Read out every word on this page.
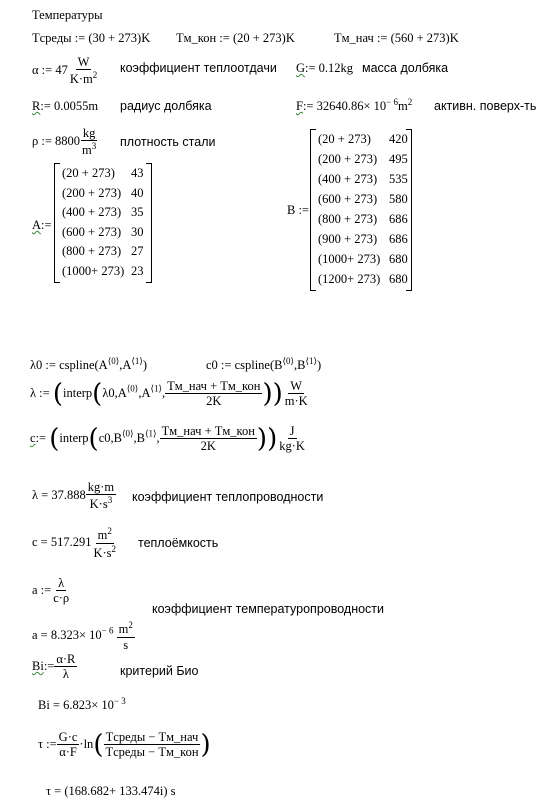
Температуры
Tсреды := (30 + 273)K Tм_кон := (20 + 273)K	Tм_нач := (560 + 273)K
α := $47 \frac{W}{K\cdot m^2}$ коэффициент теплоотдачи G:= 0.12kg масса долбяка
R:= 0.0055m радиус долбяка	F:= $32640.86\times 10^{- 6}m^2$ активн. поверх-ть
ρ := $8800 \frac{kg}{m^3}$ плотность стали
A:=
(20 + 273) 43
(200 + 273) 40
(400 + 273) 35
(600 + 273) 30
(800 + 273) 27
(1000+ 273) 23
B :=
(20 + 273) 420
(200 + 273) 495
(400 + 273) 535
(600 + 273) 580
(800 + 273) 686
(900 + 273) 686
(1000+ 273) 680
(1200+ 273) 680
λ0 := $cspline(A^{⟨0⟩},A^{⟨1⟩})$	c0 := $cspline(B^{⟨0⟩},B^{⟨1⟩})$
λ := ($interp(\lambda 0,A^{⟨0⟩},A^{⟨1⟩}$, $\frac{\text{Tм\_нач + Tм\_кон}}{2K}$ )) $\frac{W}{m\cdot K}$
c:= ($interp(c0,B^{⟨0⟩},B^{⟨1⟩}$, $\frac{\text{Tм\_нач + Tм\_кон}}{2K}$ )) $\frac{J}{kg\cdot K}$
$\lambda = 37.888 \frac{kg\cdot m}{K\cdot s^3}$ коэффициент теплопроводности
$c = 517.291 \frac{m^2}{K\cdot s^2}$ теплоёмкость
a := $\frac{\lambda}{c\cdot\rho}$
коэффициент температуропроводности
$a = 8.323\times 10^{- 6} \frac{m^2}{s}$
Bi:= $\frac{\alpha\cdot R}{\lambda}$	критерий Био
$Bi = 6.823\times 10^{- 3}$
τ := $\frac{G\cdot c}{\alpha\cdot F} \cdot\ln( \frac{\text{Tсреды − Tм\_нач}}{\text{Tсреды − Tм\_кон}}$ )
τ = (168.682+ 133.474i) s
